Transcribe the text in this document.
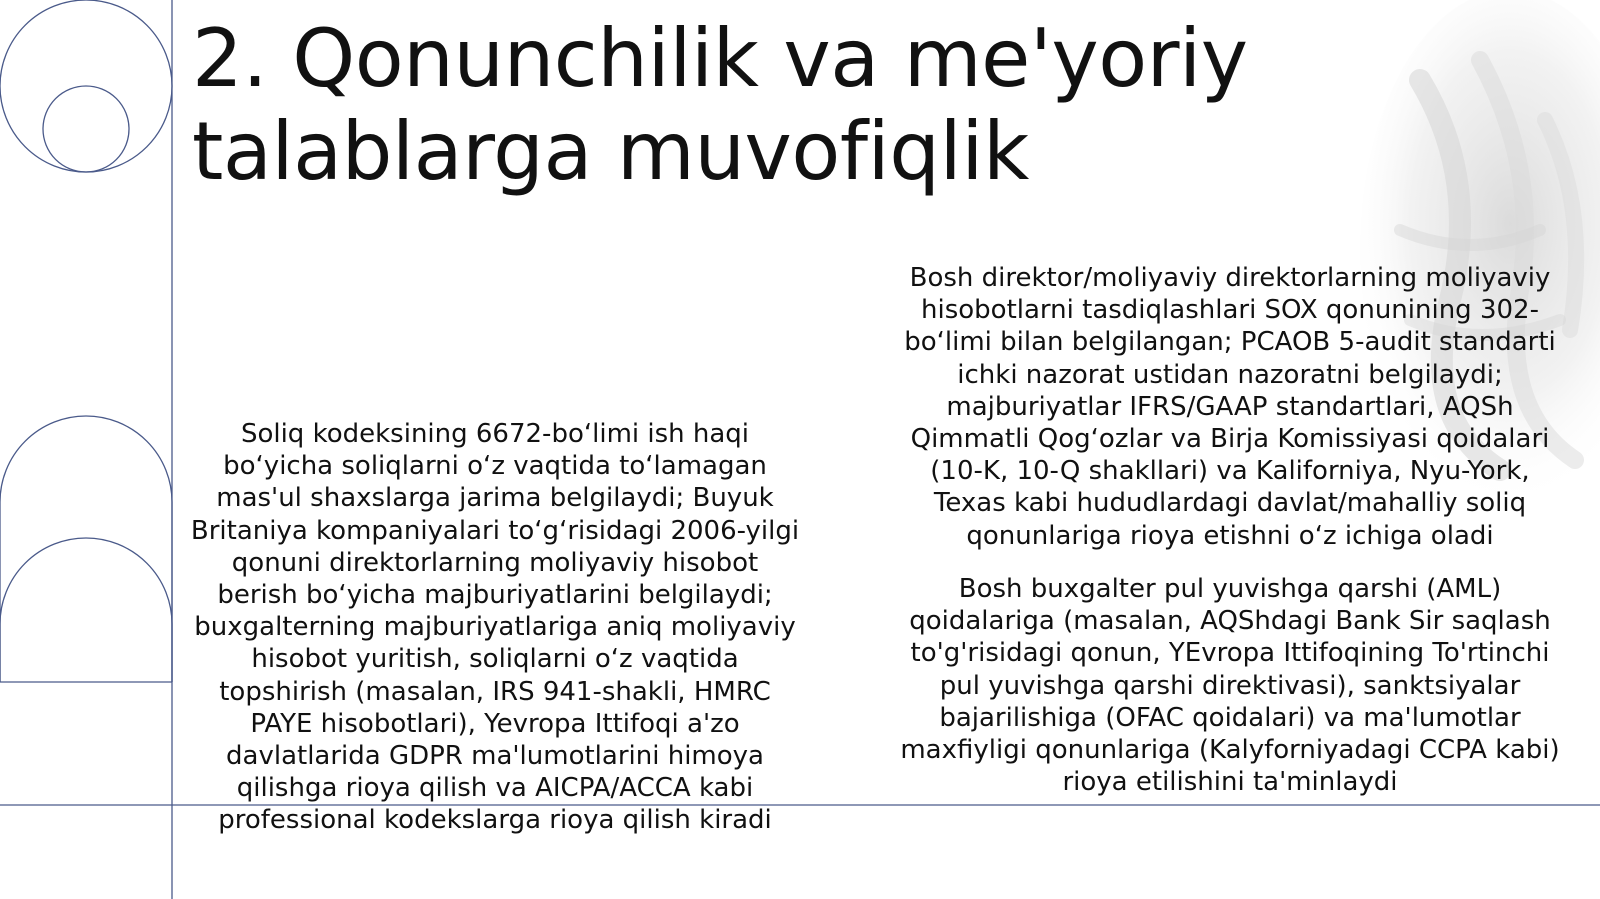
2. Qonunchilik va me'yoriy talablarga muvofiqlik

Soliq kodeksining 6672-bo‘limi ish haqi bo‘yicha soliqlarni o‘z vaqtida to‘lamagan mas'ul shaxslarga jarima belgilaydi; Buyuk Britaniya kompaniyalari to‘g‘risidagi 2006-yilgi qonuni direktorlarning moliyaviy hisobot berish bo‘yicha majburiyatlarini belgilaydi; buxgalterning majburiyatlariga aniq moliyaviy hisobot yuritish, soliqlarni o‘z vaqtida topshirish (masalan, IRS 941-shakli, HMRC PAYE hisobotlari), Yevropa Ittifoqi a'zo davlatlarida GDPR ma'lumotlarini himoya qilishga rioya qilish va AICPA/ACCA kabi professional kodekslarga rioya qilish kiradi

Bosh direktor/moliyaviy direktorlarning moliyaviy hisobotlarni tasdiqlashlari SOX qonunining 302-bo‘limi bilan belgilangan; PCAOB 5-audit standarti ichki nazorat ustidan nazoratni belgilaydi; majburiyatlar IFRS/GAAP standartlari, AQSh Qimmatli Qog‘ozlar va Birja Komissiyasi qoidalari (10-K, 10-Q shakllari) va Kaliforniya, Nyu-York, Texas kabi hududlardagi davlat/mahalliy soliq qonunlariga rioya etishni o‘z ichiga oladi

Bosh buxgalter pul yuvishga qarshi (AML) qoidalariga (masalan, AQShdagi Bank Sir saqlash to'g'risidagi qonun, YEvropa Ittifoqining To'rtinchi pul yuvishga qarshi direktivasi), sanktsiyalar bajarilishiga (OFAC qoidalari) va ma'lumotlar maxfiyligi qonunlariga (Kalyforniyadagi CCPA kabi) rioya etilishini ta'minlaydi
